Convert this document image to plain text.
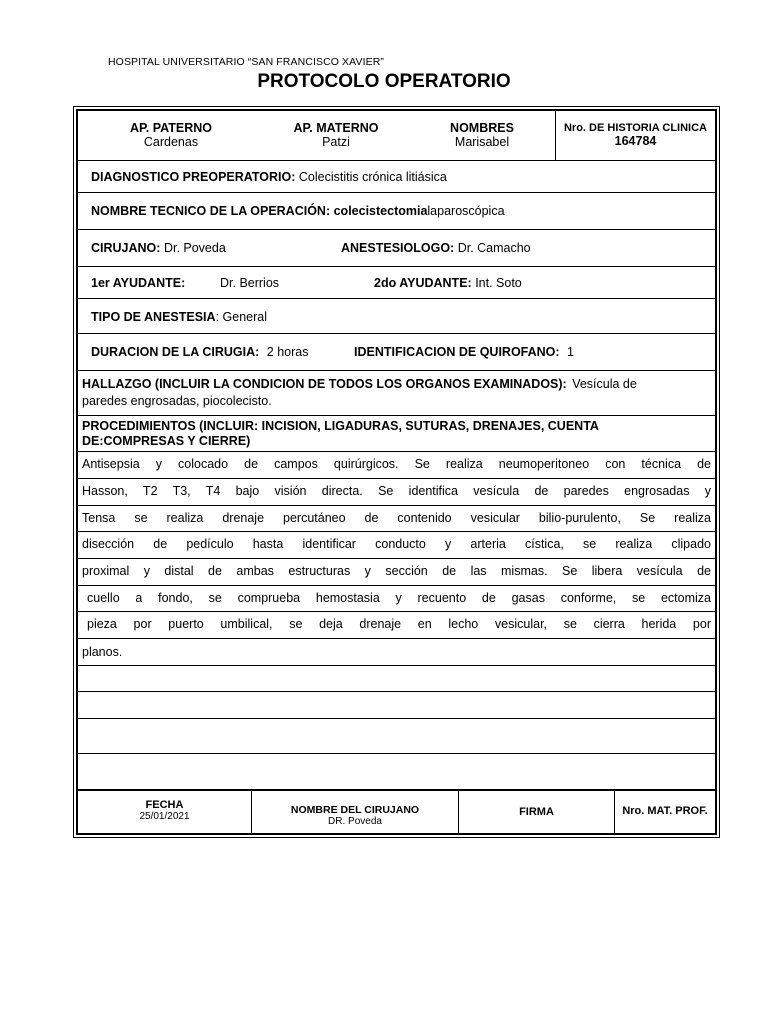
HOSPITAL UNIVERSITARIO “SAN FRANCISCO XAVIER”
PROTOCOLO OPERATORIO
AP. PATERNO
Cardenas
AP. MATERNO
Patzi
NOMBRES
Marisabel
Nro. DE HISTORIA CLINICA
164784
DIAGNOSTICO PREOPERATORIO: Colecistitis crónica litiásica
NOMBRE TECNICO DE LA OPERACIÓN: colecistectomialaparoscópica
CIRUJANO: Dr. Poveda	ANESTESIOLOGO: Dr. Camacho
1er AYUDANTE:	Dr. Berrios	2do AYUDANTE: Int. Soto
TIPO DE ANESTESIA: General
DURACION DE LA CIRUGIA: 2 horas	IDENTIFICACION DE QUIROFANO: 1
HALLAZGO (INCLUIR LA CONDICION DE TODOS LOS ORGANOS EXAMINADOS): Vesícula de
paredes engrosadas, piocolecisto.
PROCEDIMIENTOS (INCLUIR: INCISION, LIGADURAS, SUTURAS, DRENAJES, CUENTA
DE:COMPRESAS Y CIERRE)
Antisepsia y colocado de campos quirúrgicos. Se realiza neumoperitoneo con técnica de
Hasson, T2 T3, T4 bajo visión directa. Se identifica vesícula de paredes engrosadas y
Tensa se realiza drenaje percutáneo de contenido vesicular bilio-purulento, Se realiza
disección de pedículo hasta identificar conducto y arteria cística, se realiza clipado
proximal y distal de ambas estructuras y sección de las mismas. Se libera vesícula de
cuello a fondo, se comprueba hemostasia y recuento de gasas conforme, se ectomiza
pieza por puerto umbilical, se deja drenaje en lecho vesicular, se cierra herida por
planos.
FECHA
25/01/2021
NOMBRE DEL CIRUJANO
DR. Poveda
FIRMA	Nro. MAT. PROF.
